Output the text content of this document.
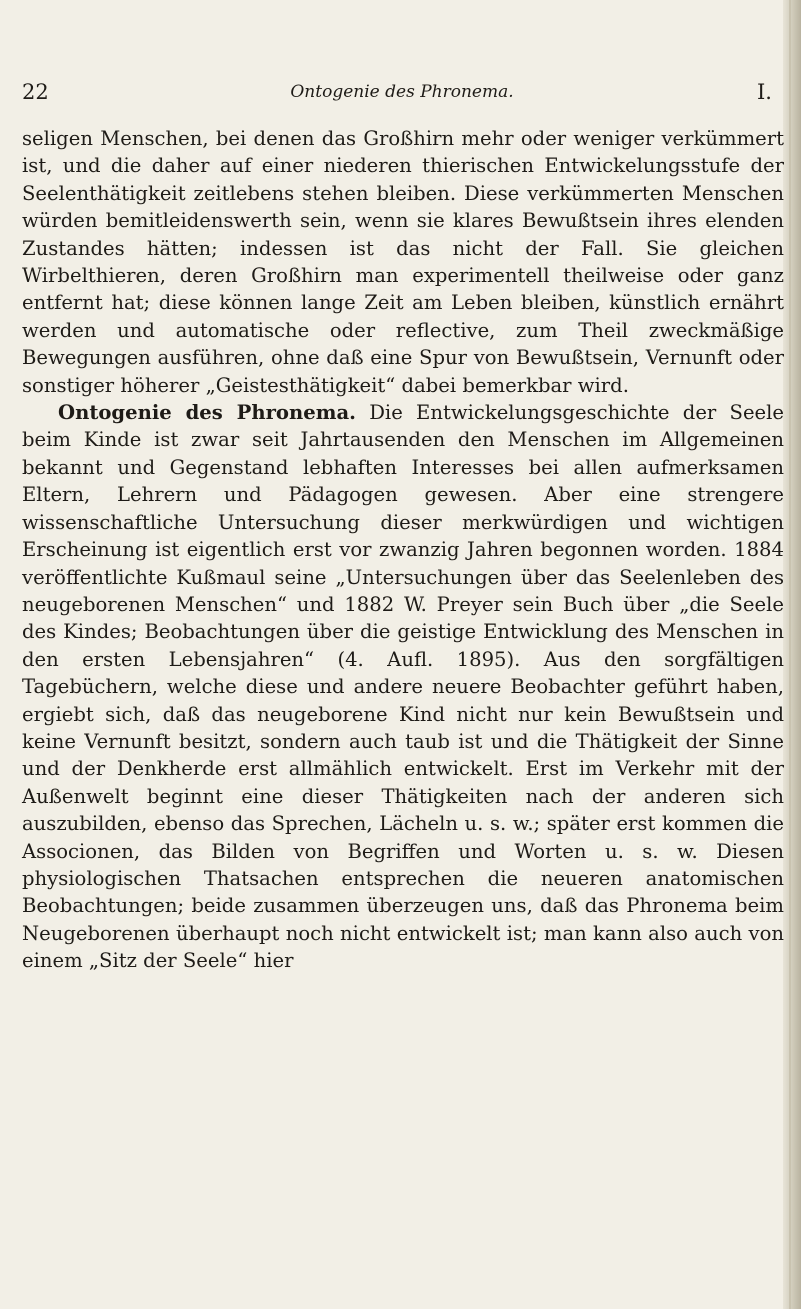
22	Ontogenie des Phronema.	I.

seligen Menschen, bei denen das Großhirn mehr oder weniger verkümmert ist, und die daher auf einer niederen thierischen Entwickelungsstufe der Seelenthätigkeit zeitlebens stehen bleiben. Diese verkümmerten Menschen würden bemitleidenswerth sein, wenn sie klares Bewußtsein ihres elenden Zustandes hätten; indessen ist das nicht der Fall. Sie gleichen Wirbelthieren, deren Großhirn man experimentell theilweise oder ganz entfernt hat; diese können lange Zeit am Leben bleiben, künstlich ernährt werden und automatische oder reflective, zum Theil zweckmäßige Bewegungen ausführen, ohne daß eine Spur von Bewußtsein, Vernunft oder sonstiger höherer „Geistesthätigkeit“ dabei bemerkbar wird.

Ontogenie des Phronema. Die Entwickelungsgeschichte der Seele beim Kinde ist zwar seit Jahrtausenden den Menschen im Allgemeinen bekannt und Gegenstand lebhaften Interesses bei allen aufmerksamen Eltern, Lehrern und Pädagogen gewesen. Aber eine strengere wissenschaftliche Untersuchung dieser merkwürdigen und wichtigen Erscheinung ist eigentlich erst vor zwanzig Jahren begonnen worden. 1884 veröffentlichte Kußmaul seine „Untersuchungen über das Seelenleben des neugeborenen Menschen“ und 1882 W. Preyer sein Buch über „die Seele des Kindes; Beobachtungen über die geistige Entwicklung des Menschen in den ersten Lebensjahren“ (4. Aufl. 1895). Aus den sorgfältigen Tagebüchern, welche diese und andere neuere Beobachter geführt haben, ergiebt sich, daß das neugeborene Kind nicht nur kein Bewußtsein und keine Vernunft besitzt, sondern auch taub ist und die Thätigkeit der Sinne und der Denkherde erst allmählich entwickelt. Erst im Verkehr mit der Außenwelt beginnt eine dieser Thätigkeiten nach der anderen sich auszubilden, ebenso das Sprechen, Lächeln u. s. w.; später erst kommen die Associonen, das Bilden von Begriffen und Worten u. s. w. Diesen physiologischen Thatsachen entsprechen die neueren anatomischen Beobachtungen; beide zusammen überzeugen uns, daß das Phronema beim Neugeborenen überhaupt noch nicht entwickelt ist; man kann also auch von einem „Sitz der Seele“ hier
